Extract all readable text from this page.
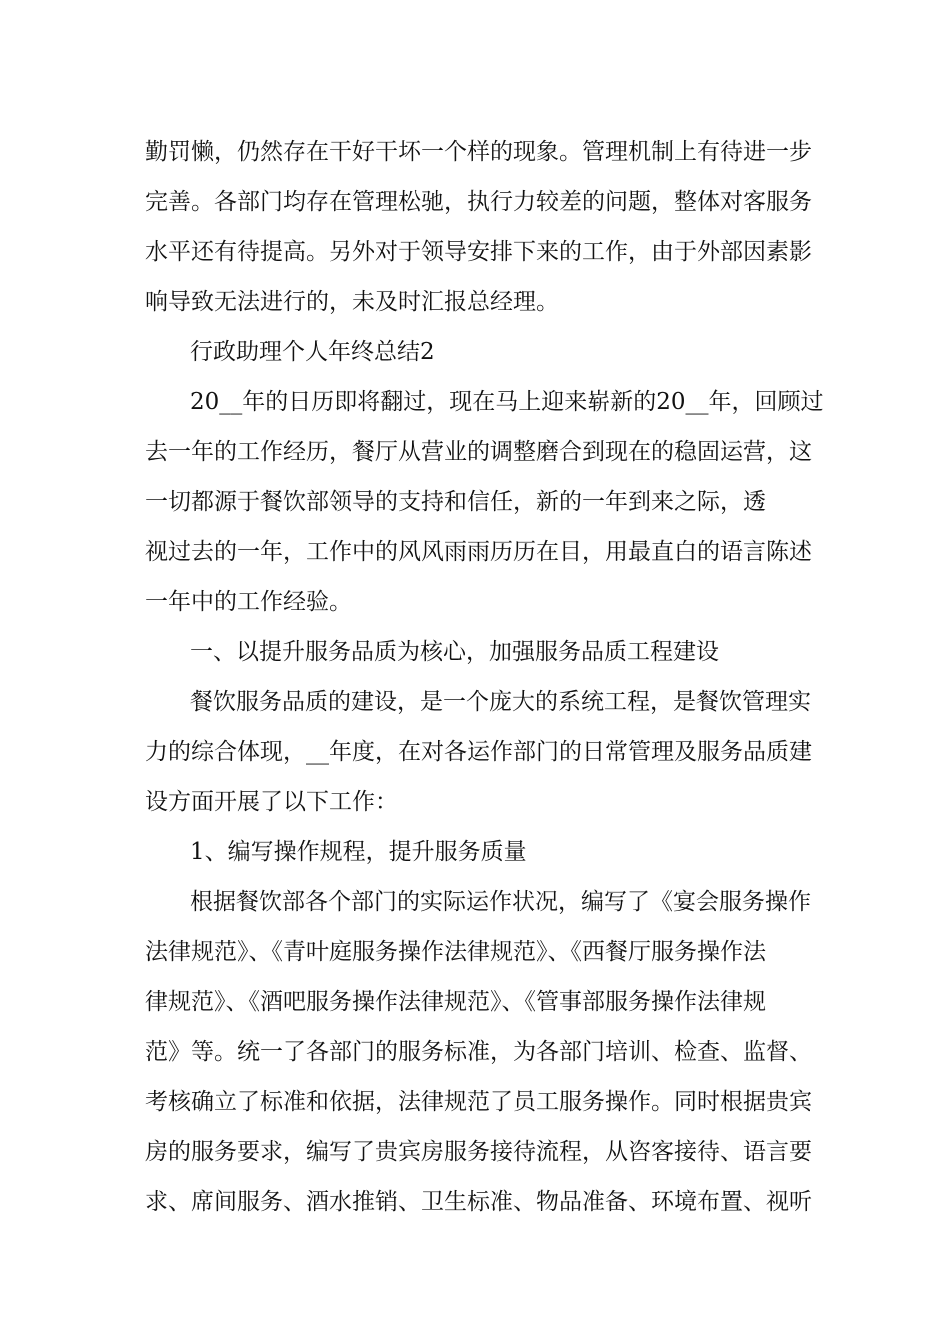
勤罚懒，仍然存在干好干坏一个样的现象。管理机制上有待进一步
完善。各部门均存在管理松驰，执行力较差的问题，整体对客服务
水平还有待提高。另外对于领导安排下来的工作，由于外部因素影
响导致无法进行的，未及时汇报总经理。
行政助理个人年终总结2
20__年的日历即将翻过，现在马上迎来崭新的20__年，回顾过
去一年的工作经历，餐厅从营业的调整磨合到现在的稳固运营，这
一切都源于餐饮部领导的支持和信任，新的一年到来之际，透
视过去的一年，工作中的风风雨雨历历在目，用最直白的语言陈述
一年中的工作经验。
一、以提升服务品质为核心，加强服务品质工程建设
餐饮服务品质的建设，是一个庞大的系统工程，是餐饮管理实
力的综合体现，__年度，在对各运作部门的日常管理及服务品质建
设方面开展了以下工作：
1、编写操作规程，提升服务质量
根据餐饮部各个部门的实际运作状况，编写了《宴会服务操作
法律规范》、《青叶庭服务操作法律规范》、《西餐厅服务操作法
律规范》、《酒吧服务操作法律规范》、《管事部服务操作法律规
范》等。统一了各部门的服务标准，为各部门培训、检查、监督、
考核确立了标准和依据，法律规范了员工服务操作。同时根据贵宾
房的服务要求，编写了贵宾房服务接待流程，从咨客接待、语言要
求、席间服务、酒水推销、卫生标准、物品准备、环境布置、视听
